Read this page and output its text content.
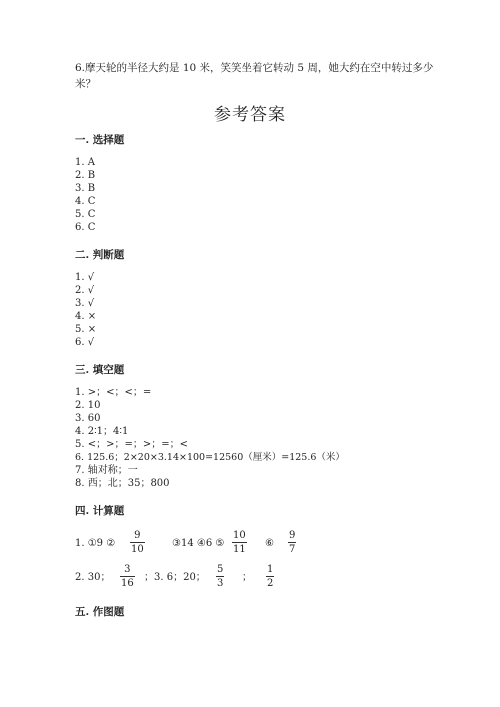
6.摩天轮的半径大约是 10 米，笑笑坐着它转动 5 周，她大约在空中转过多少米？
参考答案
一. 选择题
1. A
2. B
3. B
4. C
5. C
6. C
二. 判断题
1. √
2. √
3. √
4. ×
5. ×
6. √
三. 填空题
1. >；<；<；=
2. 10
3. 60
4. 2∶1；4∶1
5. <；>；=；>；=；<
6. 125.6；2×20×3.14×100=12560（厘米）=125.6（米）
7. 轴对称；一
8. 西；北；35；800
四. 计算题
1. ①9 ②
9
10
③14 ④6 ⑤
10
11
⑥
9
7
2. 30；
3
16
；3. 6；20；
5
3
；
1
2
五. 作图题
